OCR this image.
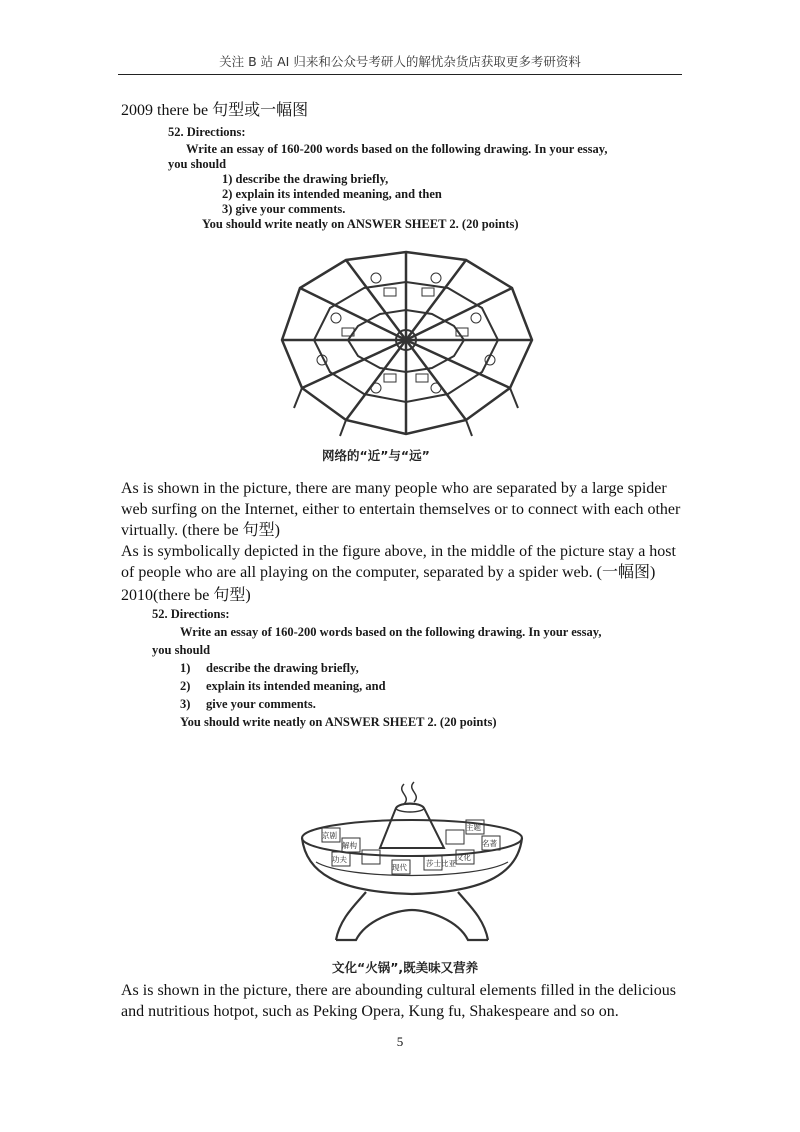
关注 B 站 AI 归来和公众号考研人的解忧杂货店获取更多考研资料
2009 there be 句型或一幅图
52. Directions:
Write an essay of 160-200 words based on the following drawing. In your essay,
you should
1) describe the drawing briefly,
2) explain its intended meaning, and then
3) give your comments.
You should write neatly on ANSWER SHEET 2. (20 points)
网络的“近”与“远”
As is shown in the picture, there are many people who are separated by a large spider web surfing on the Internet, either to entertain themselves or to connect with each other virtually. (there be 句型)
As is symbolically depicted in the figure above, in the middle of the picture stay a host of people who are all playing on the computer, separated by a spider web. (一幅图)
2010(there be 句型)
52. Directions:
Write an essay of 160-200 words based on the following drawing. In your essay,
you should
1) describe the drawing briefly,
2) explain its intended meaning, and
3) give your comments.
You should write neatly on ANSWER SHEET 2. (20 points)
京剧
解构
功夫	莎士比亚
现代
主题
名著
文化
文化“火锅”,既美味又营养
As is shown in the picture, there are abounding cultural elements filled in the delicious and nutritious hotpot, such as Peking Opera, Kung fu, Shakespeare and so on.
5
